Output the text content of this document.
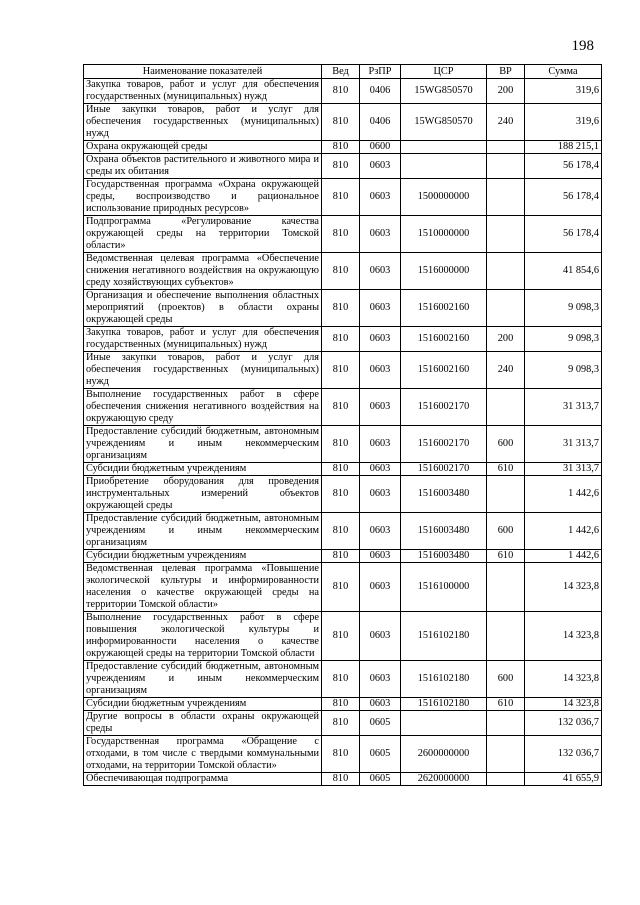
198
Наименование показателей	Вед	РзПР	ЦСР	ВР	Сумма
Закупка товаров, работ и услуг для обеспечения государственных (муниципальных) нужд	810	0406	15WG850570	200	319,6
Иные закупки товаров, работ и услуг для обеспечения государственных (муниципальных) нужд	810	0406	15WG850570	240	319,6
Охрана окружающей среды	810	0600			188 215,1
Охрана объектов растительного и животного мира и среды их обитания	810	0603			56 178,4
Государственная программа «Охрана окружающей среды, воспроизводство и рациональное использование природных ресурсов»	810	0603	1500000000		56 178,4
Подпрограмма «Регулирование качества окружающей среды на территории Томской области»	810	0603	1510000000		56 178,4
Ведомственная целевая программа «Обеспечение снижения негативного воздействия на окружающую среду хозяйствующих субъектов»	810	0603	1516000000		41 854,6
Организация и обеспечение выполнения областных мероприятий (проектов) в области охраны окружающей среды	810	0603	1516002160		9 098,3
Закупка товаров, работ и услуг для обеспечения государственных (муниципальных) нужд	810	0603	1516002160	200	9 098,3
Иные закупки товаров, работ и услуг для обеспечения государственных (муниципальных) нужд	810	0603	1516002160	240	9 098,3
Выполнение государственных работ в сфере обеспечения снижения негативного воздействия на окружающую среду	810	0603	1516002170		31 313,7
Предоставление субсидий бюджетным, автономным учреждениям и иным некоммерческим организациям	810	0603	1516002170	600	31 313,7
Субсидии бюджетным учреждениям	810	0603	1516002170	610	31 313,7
Приобретение оборудования для проведения инструментальных измерений объектов окружающей среды	810	0603	1516003480		1 442,6
Предоставление субсидий бюджетным, автономным учреждениям и иным некоммерческим организациям	810	0603	1516003480	600	1 442,6
Субсидии бюджетным учреждениям	810	0603	1516003480	610	1 442,6
Ведомственная целевая программа «Повышение экологической культуры и информированности населения о качестве окружающей среды на территории Томской области»	810	0603	1516100000		14 323,8
Выполнение государственных работ в сфере повышения экологической культуры и информированности населения о качестве окружающей среды на территории Томской области	810	0603	1516102180		14 323,8
Предоставление субсидий бюджетным, автономным учреждениям и иным некоммерческим организациям	810	0603	1516102180	600	14 323,8
Субсидии бюджетным учреждениям	810	0603	1516102180	610	14 323,8
Другие вопросы в области охраны окружающей среды	810	0605			132 036,7
Государственная программа «Обращение с отходами, в том числе с твердыми коммунальными отходами, на территории Томской области»	810	0605	2600000000		132 036,7
Обеспечивающая подпрограмма	810	0605	2620000000		41 655,9
